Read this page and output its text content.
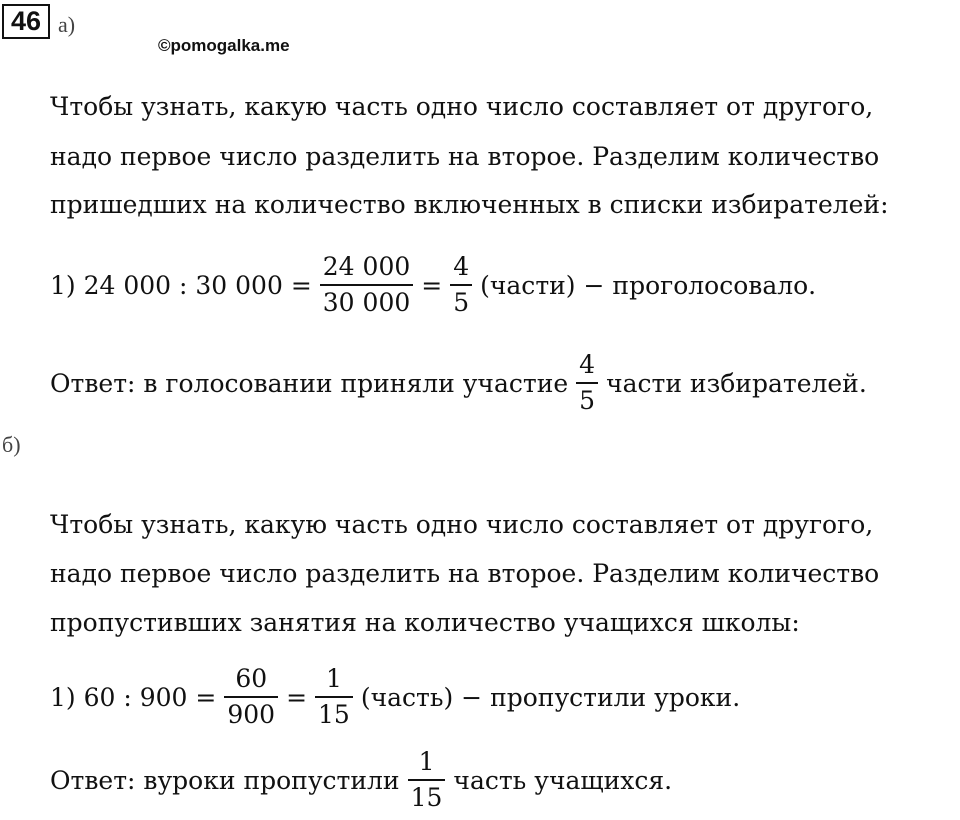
46 а)
©pomogalka.me
Чтобы узнать, какую часть одно число составляет от другого,
надо первое число разделить на второе. Разделим количество
пришедших на количество включенных в списки избирателей:
1) 24 000 : 30 $000 = \frac{24 000}{30 000} = \frac{4}{5}$ (части) − проголосовало.
Ответ: в голосовании приняли участие $\frac{4}{5}$ части избирателей.
б)
Чтобы узнать, какую часть одно число составляет от другого,
надо первое число разделить на второе. Разделим количество
пропустивших занятия на количество учащихся школы:
1) 60 : $900 = \frac{60}{900} = \frac{1}{15}$ (часть) − пропустили уроки.
Ответ: вуроки пропустили $\frac{1}{15}$ часть учащихся.
